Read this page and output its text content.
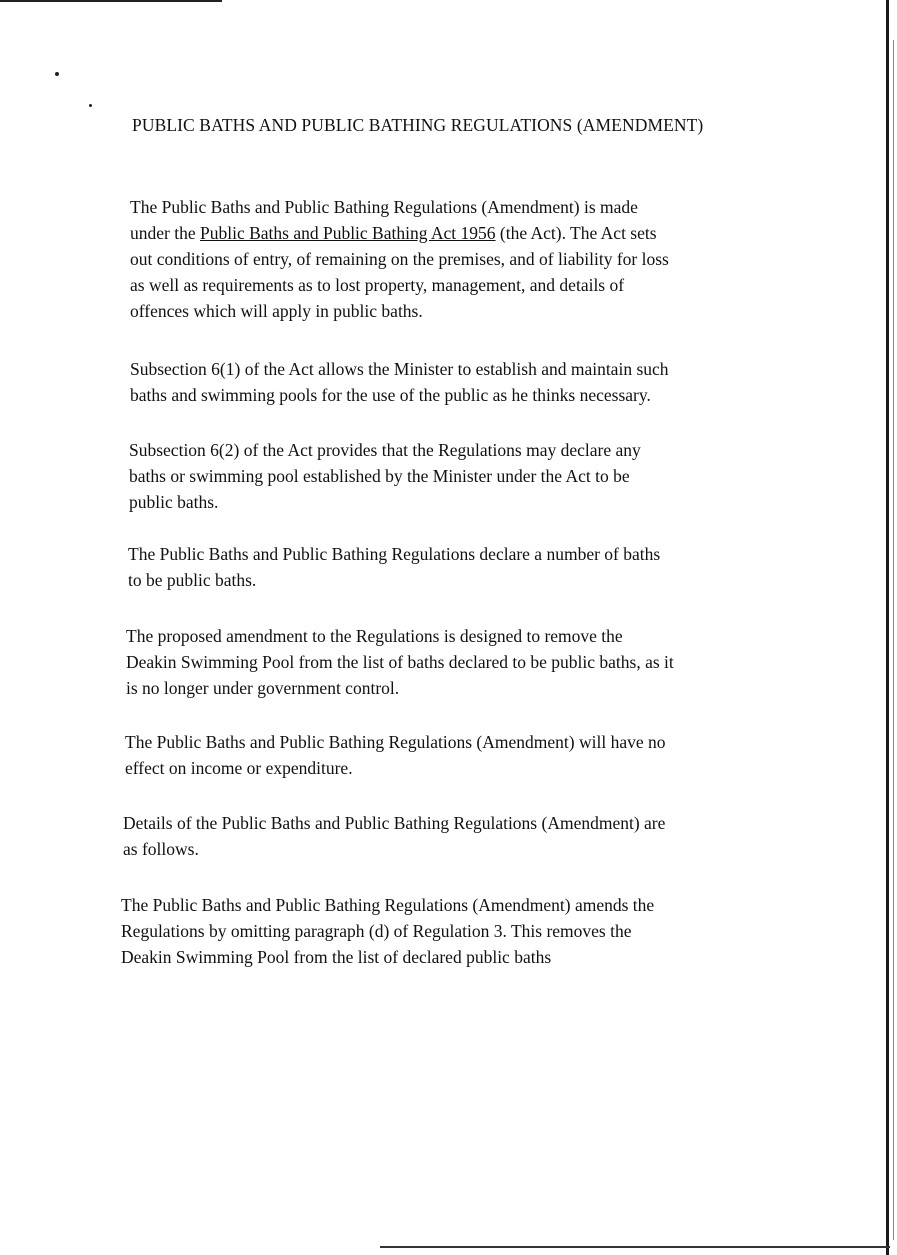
PUBLIC BATHS AND PUBLIC BATHING REGULATIONS (AMENDMENT)

The Public Baths and Public Bathing Regulations (Amendment) is made
under the Public Baths and Public Bathing Act 1956 (the Act). The Act sets
out conditions of entry, of remaining on the premises, and of liability for loss
as well as requirements as to lost property, management, and details of
offences which will apply in public baths.

Subsection 6(1) of the Act allows the Minister to establish and maintain such
baths and swimming pools for the use of the public as he thinks necessary.

Subsection 6(2) of the Act provides that the Regulations may declare any
baths or swimming pool established by the Minister under the Act to be
public baths.

The Public Baths and Public Bathing Regulations declare a number of baths
to be public baths.

The proposed amendment to the Regulations is designed to remove the
Deakin Swimming Pool from the list of baths declared to be public baths, as it
is no longer under government control.

The Public Baths and Public Bathing Regulations (Amendment) will have no
effect on income or expenditure.

Details of the Public Baths and Public Bathing Regulations (Amendment) are
as follows.

The Public Baths and Public Bathing Regulations (Amendment) amends the
Regulations by omitting paragraph (d) of Regulation 3. This removes the
Deakin Swimming Pool from the list of declared public baths
